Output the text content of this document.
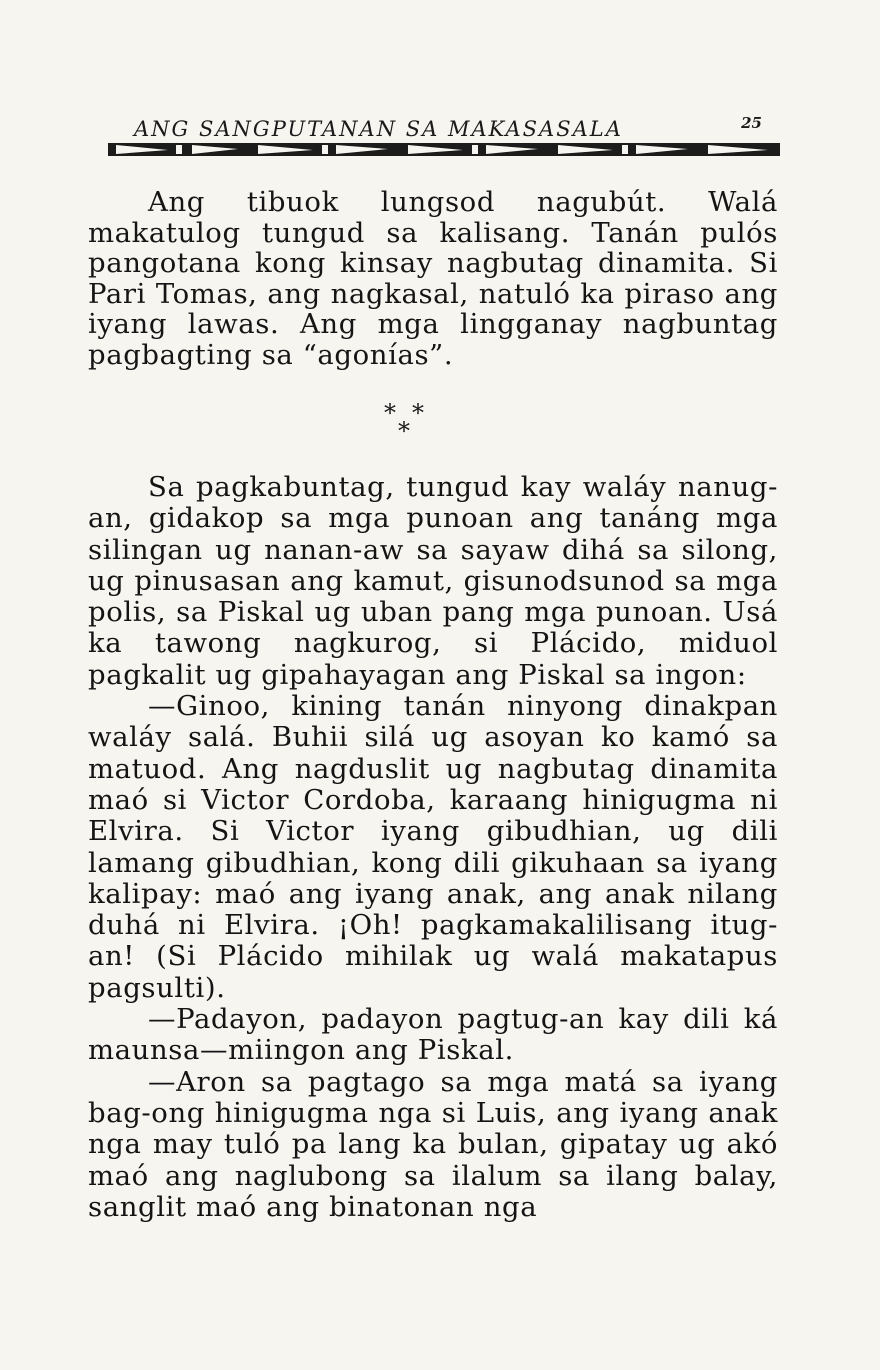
ANG SANGPUTANAN SA MAKASASALA	25

Ang tibuok lungsod nagubút. Walá makatulog tungud sa kalisang. Tanán pulós pangotana kong kinsay nagbutag dinamita. Si Pari Tomas, ang nagkasal, natuló ka piraso ang iyang lawas. Ang mga lingganay nagbuntag pagbagting sa “agonías”.

* *
*

Sa pagkabuntag, tungud kay waláy nanug-an, gidakop sa mga punoan ang tanáng mga silingan ug nanan-aw sa sayaw dihá sa silong, ug pinusasan ang kamut, gisunodsunod sa mga polis, sa Piskal ug uban pang mga punoan. Usá ka tawong nagkurog, si Plácido, miduol pagkalit ug gipahayagan ang Piskal sa ingon:

—Ginoo, kining tanán ninyong dinakpan waláy salá. Buhii silá ug asoyan ko kamó sa matuod. Ang nagduslit ug nagbutag dinamita maó si Victor Cordoba, karaang hinigugma ni Elvira. Si Victor iyang gibudhian, ug dili lamang gibudhian, kong dili gikuhaan sa iyang kalipay: maó ang iyang anak, ang anak nilang duhá ni Elvira. ¡Oh! pagkamakalilisang itug-an! (Si Plácido mihilak ug walá makatapus pagsulti).

—Padayon, padayon pagtug-an kay dili ká maunsa—miingon ang Piskal.

—Aron sa pagtago sa mga matá sa iyang bag-ong hinigugma nga si Luis, ang iyang anak nga may tuló pa lang ka bulan, gipatay ug akó maó ang naglubong sa ilalum sa ilang balay, sanglit maó ang binatonan nga
